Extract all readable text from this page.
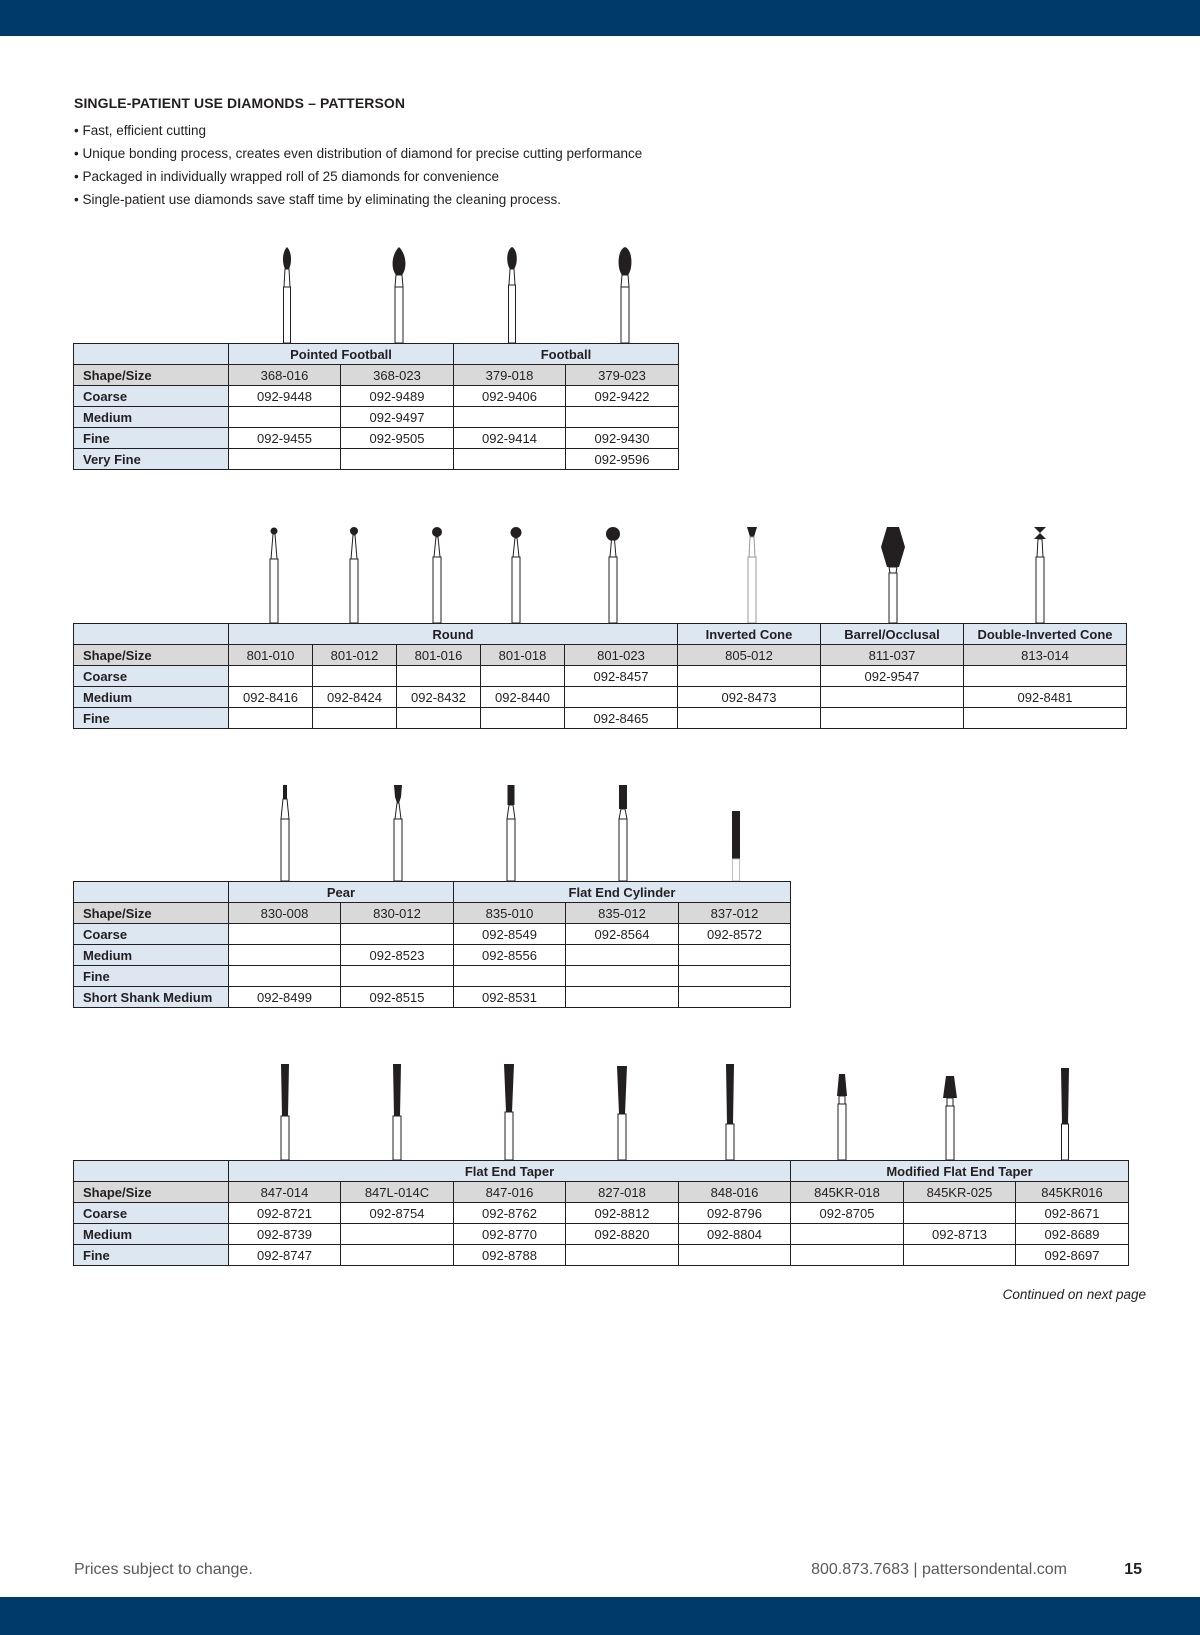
SINGLE-PATIENT USE DIAMONDS – PATTERSON
• Fast, efficient cutting
• Unique bonding process, creates even distribution of diamond for precise cutting performance
• Packaged in individually wrapped roll of 25 diamonds for convenience
• Single-patient use diamonds save staff time by eliminating the cleaning process.
	Pointed Football		Football	
Shape/Size	368-016	368-023	379-018	379-023
Coarse	092-9448	092-9489	092-9406	092-9422
Medium		092-9497		
Fine	092-9455	092-9505	092-9414	092-9430
Very Fine				092-9596
	Round					Inverted Cone	Barrel/Occlusal	Double-Inverted Cone
Shape/Size	801-010	801-012	801-016	801-018	801-023	805-012	811-037	813-014
Coarse					092-8457		092-9547	
Medium	092-8416	092-8424	092-8432	092-8440		092-8473		092-8481
Fine					092-8465			
	Pear		Flat End Cylinder		
Shape/Size	830-008	830-012	835-010	835-012	837-012
Coarse			092-8549	092-8564	092-8572
Medium		092-8523	092-8556		
Fine					
Short Shank Medium	092-8499	092-8515	092-8531		
	Flat End Taper					Modified Flat End Taper		
Shape/Size	847-014	847L-014C	847-016	827-018	848-016	845KR-018	845KR-025	845KR016
Coarse	092-8721	092-8754	092-8762	092-8812	092-8796	092-8705		092-8671
Medium	092-8739		092-8770	092-8820	092-8804		092-8713	092-8689
Fine	092-8747		092-8788					092-8697
Continued on next page
Prices subject to change.	800.873.7683 | pattersondental.com	15
